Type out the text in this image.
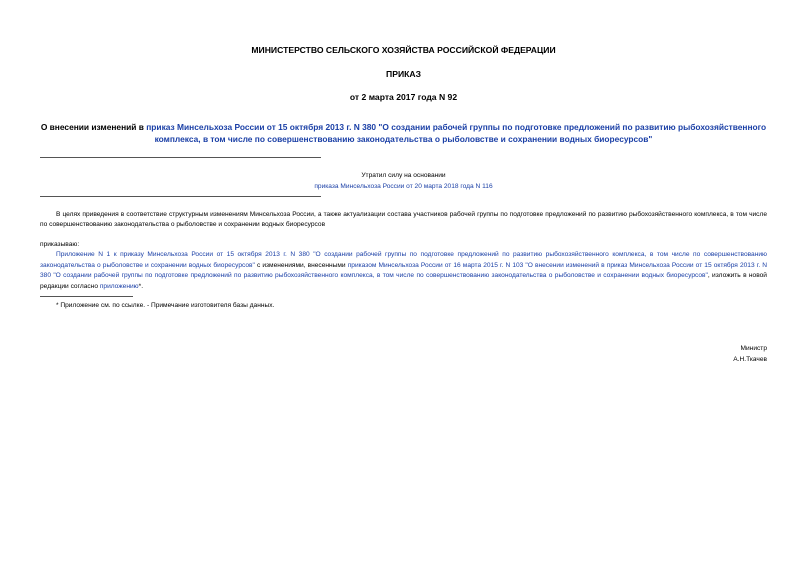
МИНИСТЕРСТВО СЕЛЬСКОГО ХОЗЯЙСТВА РОССИЙСКОЙ ФЕДЕРАЦИИ
ПРИКАЗ
от 2 марта 2017 года N 92
О внесении изменений в приказ Минсельхоза России от 15 октября 2013 г. N 380 "О создании рабочей группы по подготовке предложений по развитию рыбохозяйственного комплекса, в том числе по совершенствованию законодательства о рыболовстве и сохранении водных биоресурсов"
Утратил силу на основании
приказа Минсельхоза России от 20 марта 2018 года N 116
В целях приведения в соответствие структурным изменениям Минсельхоза России, а также актуализации состава участников рабочей группы по подготовке предложений по развитию рыбохозяйственного комплекса, в том числе по совершенствованию законодательства о рыболовстве и сохранении водных биоресурсов
приказываю:
Приложение N 1 к приказу Минсельхоза России от 15 октября 2013 г. N 380 "О создании рабочей группы по подготовке предложений по развитию рыбохозяйственного комплекса, в том числе по совершенствованию законодательства о рыболовстве и сохранении водных биоресурсов" с изменениями, внесенными приказом Минсельхоза России от 16 марта 2015 г. N 103 "О внесении изменений в приказ Минсельхоза России от 15 октября 2013 г. N 380 "О создании рабочей группы по подготовке предложений по развитию рыбохозяйственного комплекса, в том числе по совершенствованию законодательства о рыболовстве и сохранении водных биоресурсов", изложить в новой редакции согласно приложению*.
* Приложение см. по ссылке. - Примечание изготовителя базы данных.
Министр
А.Н.Ткачев
